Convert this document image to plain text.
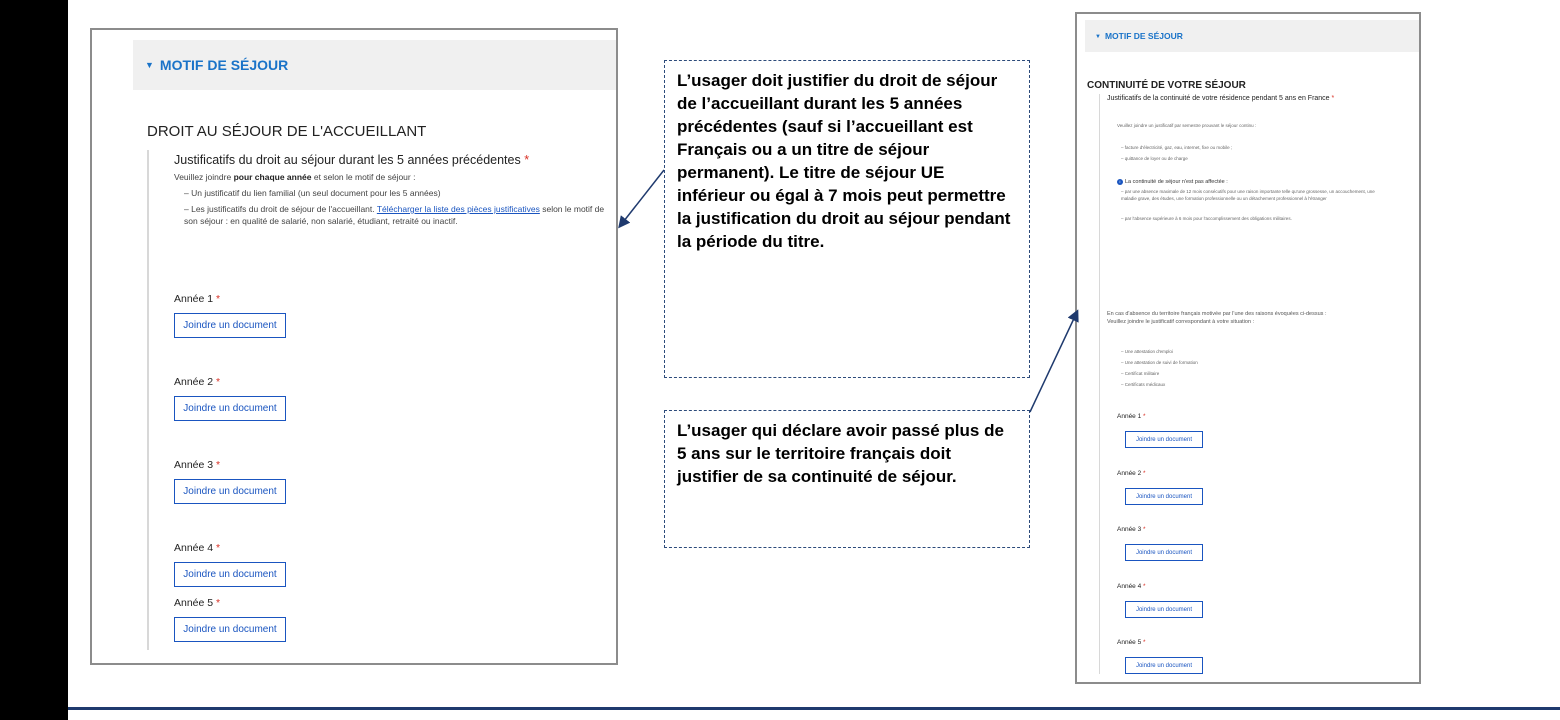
▼ MOTIF DE SÉJOUR
DROIT AU SÉJOUR DE L'ACCUEILLANT
Justificatifs du droit au séjour durant les 5 années précédentes *
Veuillez joindre pour chaque année et selon le motif de séjour :
– Un justificatif du lien familial (un seul document pour les 5 années)
– Les justificatifs du droit de séjour de l'accueillant. Télécharger la liste des pièces justificatives selon le motif de son séjour : en qualité de salarié, non salarié, étudiant, retraité ou inactif.
Année 1 *
Joindre un document
Année 2 *
Joindre un document
Année 3 *
Joindre un document
Année 4 *
Joindre un document
Année 5 *
Joindre un document
L’usager doit justifier du droit de séjour de l’accueillant durant les 5 années précédentes (sauf si l’accueillant est Français ou a un titre de séjour permanent). Le titre de séjour UE inférieur ou égal à 7 mois peut permettre la justification du droit au séjour pendant la période du titre.
L’usager qui déclare avoir passé plus de 5 ans sur le territoire français doit justifier de sa continuité de séjour.
▼ MOTIF DE SÉJOUR
CONTINUITÉ DE VOTRE SÉJOUR
Justificatifs de la continuité de votre résidence pendant 5 ans en France *
Veuillez joindre un justificatif par semestre prouvant le séjour continu :
– facture d'électricité, gaz, eau, internet, fixe ou mobile ;
– quittance de loyer ou de charge
i La continuité de séjour n'est pas affectée :
– par une absence maximale de 12 mois consécutifs pour une raison importante telle qu'une grossesse, un accouchement, une maladie grave, des études, une formation professionnelle ou un détachement professionnel à l'étranger
– par l'absence supérieure à 6 mois pour l'accomplissement des obligations militaires.
En cas d'absence du territoire français motivée par l'une des raisons évoquées ci-dessus :
Veuillez joindre le justificatif correspondant à votre situation :
– Une attestation d'emploi
– Une attestation de suivi de formation
– Certificat militaire
– Certificats médicaux
Année 1 *
Joindre un document
Année 2 *
Joindre un document
Année 3 *
Joindre un document
Année 4 *
Joindre un document
Année 5 *
Joindre un document
